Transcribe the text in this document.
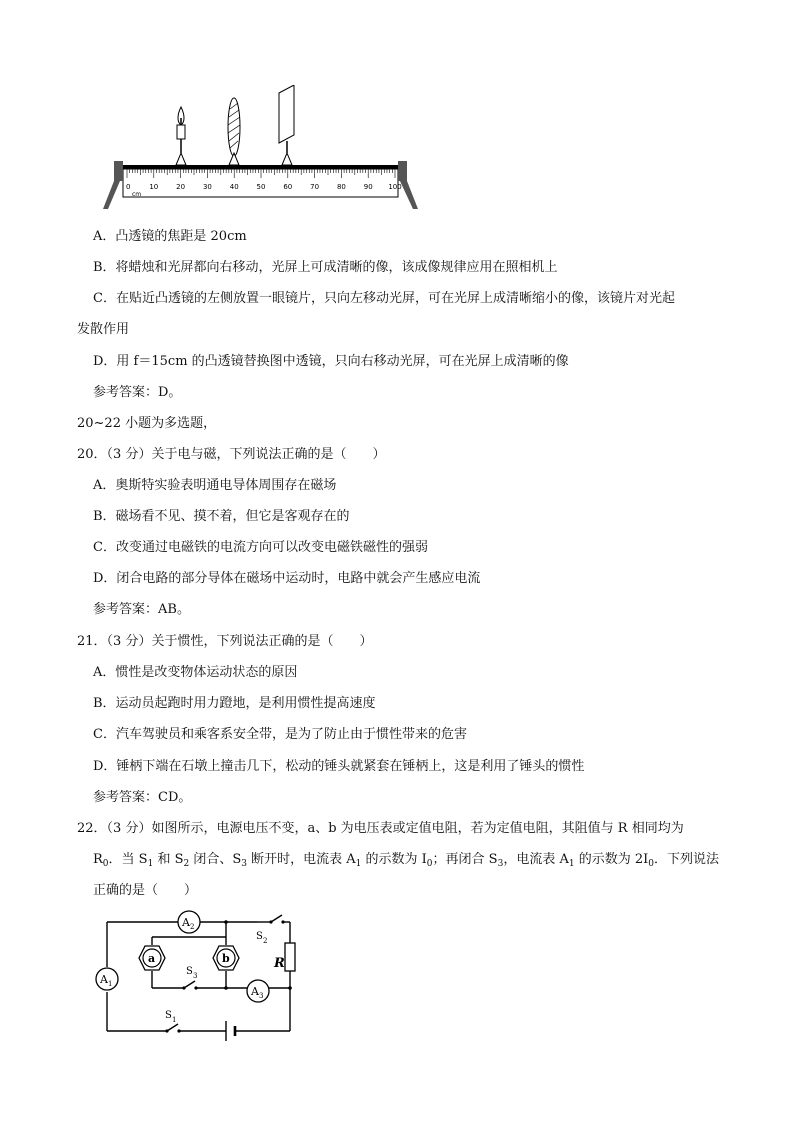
0	10	20	30	40	50	60	70	80	90 100
cm
A．凸透镜的焦距是 20cm
B．将蜡烛和光屏都向右移动，光屏上可成清晰的像，该成像规律应用在照相机上
C．在贴近凸透镜的左侧放置一眼镜片，只向左移动光屏，可在光屏上成清晰缩小的像，该镜片对光起
发散作用
D．用 f＝15cm 的凸透镜替换图中透镜，只向右移动光屏，可在光屏上成清晰的像
参考答案：D。
20~22 小题为多选题，
20．（3 分）关于电与磁，下列说法正确的是（　　）
A．奥斯特实验表明通电导体周围存在磁场
B．磁场看不见、摸不着，但它是客观存在的
C．改变通过电磁铁的电流方向可以改变电磁铁磁性的强弱
D．闭合电路的部分导体在磁场中运动时，电路中就会产生感应电流
参考答案：AB。
21．（3 分）关于惯性，下列说法正确的是（　　）
A．惯性是改变物体运动状态的原因
B．运动员起跑时用力蹬地，是利用惯性提高速度
C．汽车驾驶员和乘客系安全带，是为了防止由于惯性带来的危害
D．锤柄下端在石墩上撞击几下，松动的锤头就紧套在锤柄上，这是利用了锤头的惯性
参考答案：CD。
22．（3 分）如图所示，电源电压不变，a、b 为电压表或定值电阻，若为定值电阻，其阻值与 R 相同均为
$R_0$．当 $S_1$ 和 $S_2$ 闭合、$S_3$ 断开时，电流表 $A_1$ 的示数为 $I_0$；再闭合 $S_3$，电流表 $A_1$ 的示数为 $2I_0$．下列说法
正确的是（　　）
R
A 2
A 1
A 3
a	b
S 2
S 3
S 1
